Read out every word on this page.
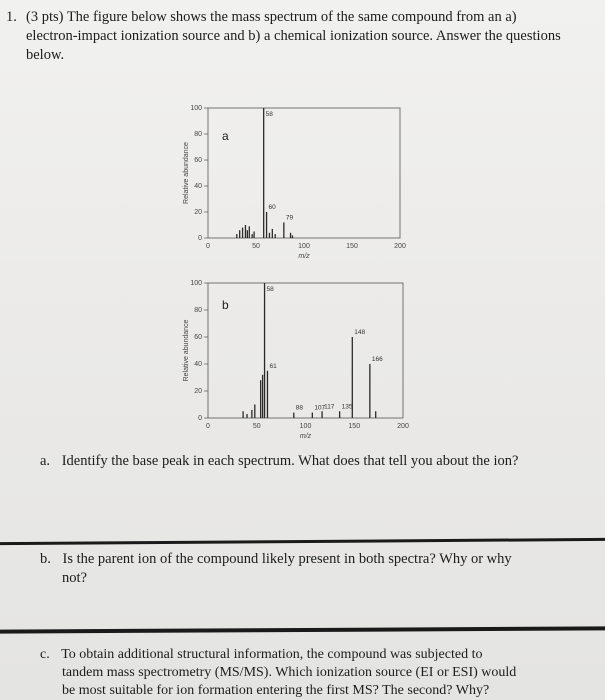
1. (3 pts) The figure below shows the mass spectrum of the same compound from an a) electron-impact ionization source and b) a chemical ionization source. Answer the questions below.
0
20
40
60
80
100
0	50	100	150	200
m/z
Relative abundance
a
58
60
79
0
20
40
60
80
100
0	50	100	150	200
m/z
Relative abundance
b
58
61
88 107
117 135
148
166
a. Identify the base peak in each spectrum. What does that tell you about the ion?
b. Is the parent ion of the compound likely present in both spectra? Why or why
not?
c. To obtain additional structural information, the compound was subjected to
tandem mass spectrometry (MS/MS). Which ionization source (EI or ESI) would
be most suitable for ion formation entering the first MS? The second? Why?
